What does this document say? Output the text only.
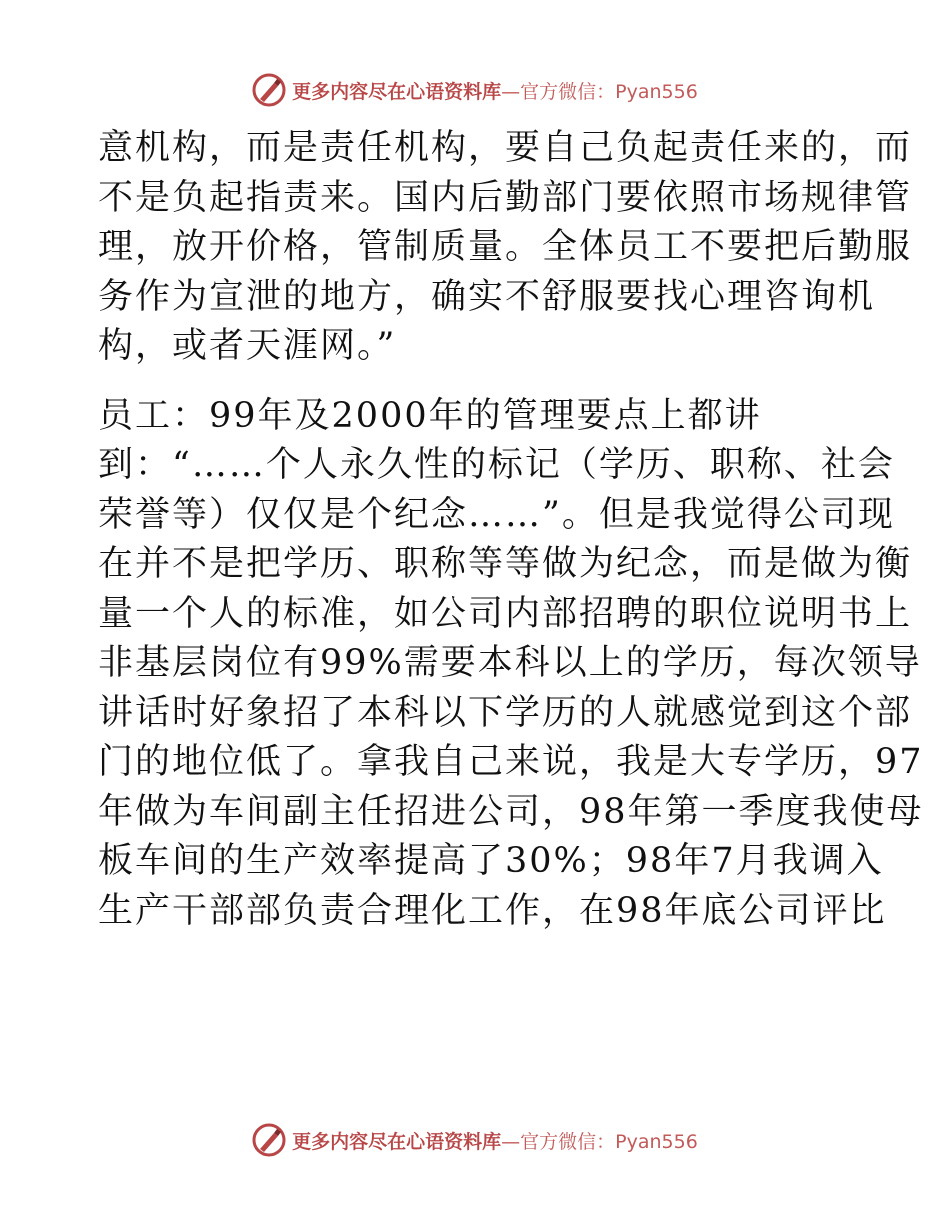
更多内容尽在心语资料库 —官方微信：Pyan556
意机构，而是责任机构，要自己负起责任来的，而
不是负起指责来。国内后勤部门要依照市场规律管
理，放开价格，管制质量。全体员工不要把后勤服
务作为宣泄的地方，确实不舒服要找心理咨询机
构，或者天涯网。”
员工：99年及2000年的管理要点上都讲
到：“……个人永久性的标记（学历、职称、社会
荣誉等）仅仅是个纪念……”。但是我觉得公司现
在并不是把学历、职称等等做为纪念，而是做为衡
量一个人的标准，如公司内部招聘的职位说明书上
非基层岗位有99%需要本科以上的学历，每次领导
讲话时好象招了本科以下学历的人就感觉到这个部
门的地位低了。拿我自己来说，我是大专学历，97
年做为车间副主任招进公司，98年第一季度我使母
板车间的生产效率提高了30%；98年7月我调入
生产干部部负责合理化工作，在98年底公司评比
更多内容尽在心语资料库 —官方微信：Pyan556
